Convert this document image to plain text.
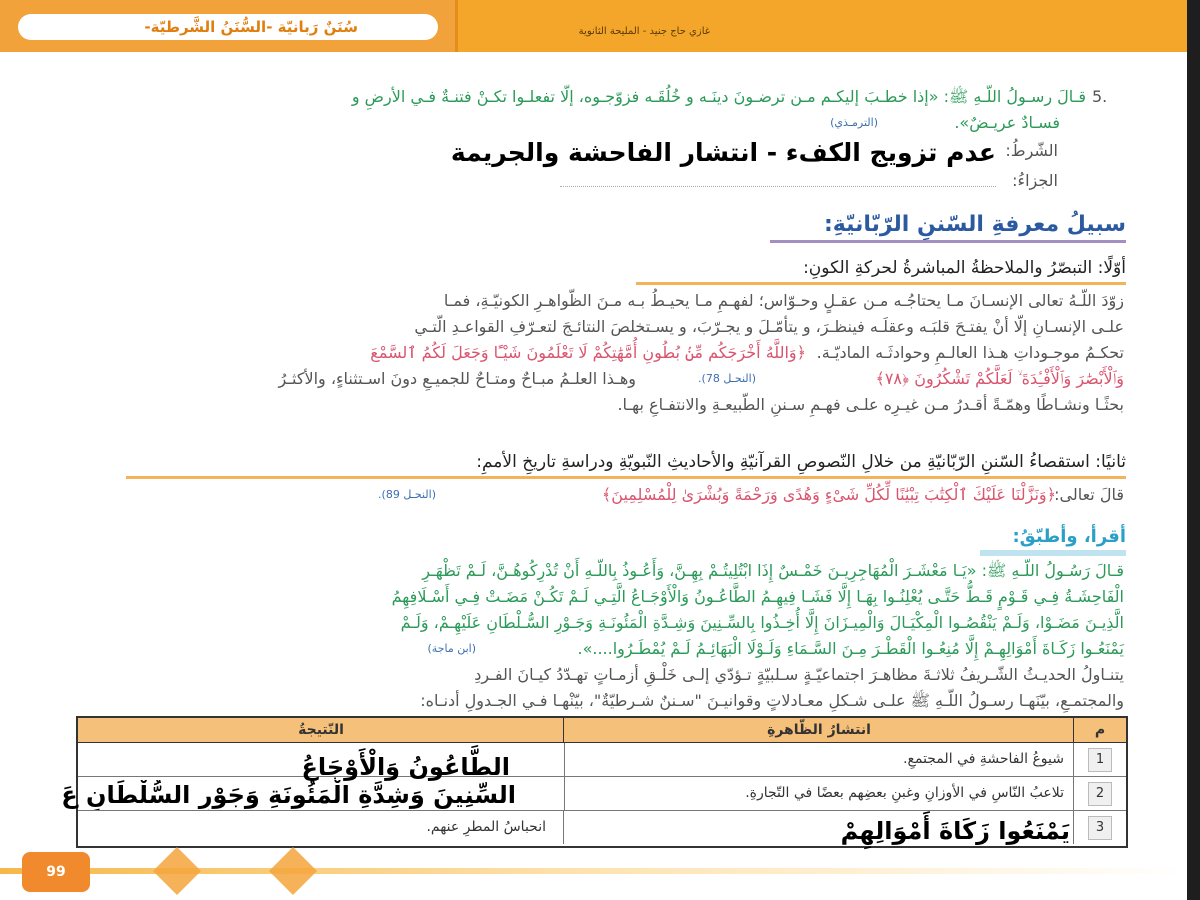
سُنَنٌ رَبانيّة -السُّنَنُ الشَّرطيّة-	غازي حاج جنيد - المليحة الثانوية
5.
قـالَ رسـولُ اللّـهِ ﷺ: «إذا خطـبَ إليكـم مـن ترضـونَ دينَـه و خُلُقَـه فزوّجـوه، إلّا تفعلـوا تكـنْ فتنـةٌ فـي الأرضِ و
فسـادٌ عريـضٌ».
(الترمـذي)
الشّرطُ:
عدم تزويج الكفء - انتشار الفاحشة والجريمة
الجزاءُ:
سبيلُ معرفةِ السّننِ الرّبّانيّةِ:
أوّلًا: التبصّرُ والملاحظةُ المباشرةُ لحركةِ الكونِ:
زوّدَ اللّـهُ تعالى الإنسـانَ مـا يحتاجُـه مـن عقـلٍ وحـوّاس؛ لفهـمِ مـا يحيـطُ بـه مـنَ الظّواهـرِ الكونيّـةِ، فمـا
علـى الإنسـانِ إلّا أنْ يفتـحَ قلبَـه وعقلَـه فينظـرَ، و يتأمّـلَ و يجـرّبَ، و يسـتخلصَ النتائـجَ لتعـرّفِ القواعـدِ الّتـي
تحكـمُ موجـوداتِ هـذا العالـمِ وحوادثَـه الماديّـة.
﴿وَاللَّهُ أَخْرَجَكُم مِّنۢ بُطُونِ أُمَّهَٰتِكُمْ لَا تَعْلَمُونَ شَيْـًٔا وَجَعَلَ لَكُمُ ٱلسَّمْعَ
وَٱلْأَبْصَٰرَ وَٱلْأَفْـِٔدَةَ ۙ لَعَلَّكُمْ تَشْكُرُونَ ﴿٧٨﴾
(النحـل 78).
وهـذا العلـمُ مبـاحٌ ومتـاحٌ للجميـعِ دونَ اسـتثناءٍ، والأكثـرُ
بحثًـا ونشـاطًا وهمّـةً أقـدرُ مـن غيـرِه علـى فهـمِ سـننِ الطّبيعـةِ والانتفـاعِ بهـا.
ثانيًا: استقصاءُ السّننِ الرّبّانيّةِ من خلالِ النّصوصِ القرآنيّةِ والأحاديثِ النّبويّةِ ودراسةِ تاريخِ الأممِ:
قالَ تعالى:
﴿وَنَزَّلْنَا عَلَيْكَ ٱلْكِتَٰبَ تِبْيَٰنًا لِّكُلِّ شَىْءٍ وَهُدًى وَرَحْمَةً وَبُشْرَىٰ لِلْمُسْلِمِينَ﴾
(النحـل 89).
أقرأ، وأطبّقُ:
قـالَ رَسُـولُ اللّـهِ ﷺ: «يَـا مَعْشَـرَ الْمُهَاجِرِيـنَ خَمْـسٌ إِذَا ابْتُلِيتُـمْ بِهِـنَّ، وَأَعُـوذُ بِاللّـهِ أَنْ تُدْرِكُوهُـنَّ، لَـمْ تَظْهَـرِ
الْفَاحِشَـةُ فِـي قَـوْمٍ قَـطُّ حَتَّـى يُعْلِنُـوا بِهَـا إِلَّا فَشَـا فِيهِـمُ الطَّاعُـونُ وَالْأَوْجَـاعُ الَّتِـي لَـمْ تَكُـنْ مَضَـتْ فِـي أَسْـلَافِهِمُ
الَّذِيـنَ مَضَـوْا، وَلَـمْ يَنْقُصُـوا الْمِكْيَـالَ وَالْمِيـزَانَ إِلَّا أُخِـذُوا بِالسِّـنِينَ وَشِـدَّةِ الْمَئُونَـةِ وَجَـوْرِ السُّـلْطَانِ عَلَيْهِـمْ، وَلَـمْ
يَمْنَعُـوا زَكَـاةَ أَمْوَالِهِـمْ إِلَّا مُنِعُـوا الْقَطْـرَ مِـنَ السَّـمَاءِ وَلَـوْلَا الْبَهَائِـمُ لَـمْ يُمْطَـرُوا....».
(ابن ماجة)
يتنـاولُ الحديـثُ الشّـريفُ ثلاثـةَ مظاهـرَ اجتماعيّـةٍ سـلبيّةٍ تـؤدّي إلـى خَلْـقِ أزمـاتٍ تهـدّدُ كيـانَ الفـردِ
والمجتمـعِ، بيّنَهـا رسـولُ اللّـهِ ﷺ علـى شـكلِ معـادلاتٍ وقوانيـنَ "سـننٌ شـرطيّةٌ"، بيّنْهـا فـي الجـدولِ أدنـاه:
م
انتشارُ الظّاهرةِ
النّتيجةُ
1
شيوعُ الفاحشةِ في المجتمعِ.
2
تلاعبُ النّاسِ في الأوزانِ وغبنِ بعضِهم بعضًا في التّجارةِ.
3
انحباسُ المطرِ عنهم.
الطَّاعُونُ وَالْأَوْجَاعُ
السِّنِينَ وَشِدَّةِ الْمَئُونَةِ وَجَوْرِ السُّلْطَانِ عَ
يَمْنَعُوا زَكَاةَ أَمْوَالِهِمْ
99
